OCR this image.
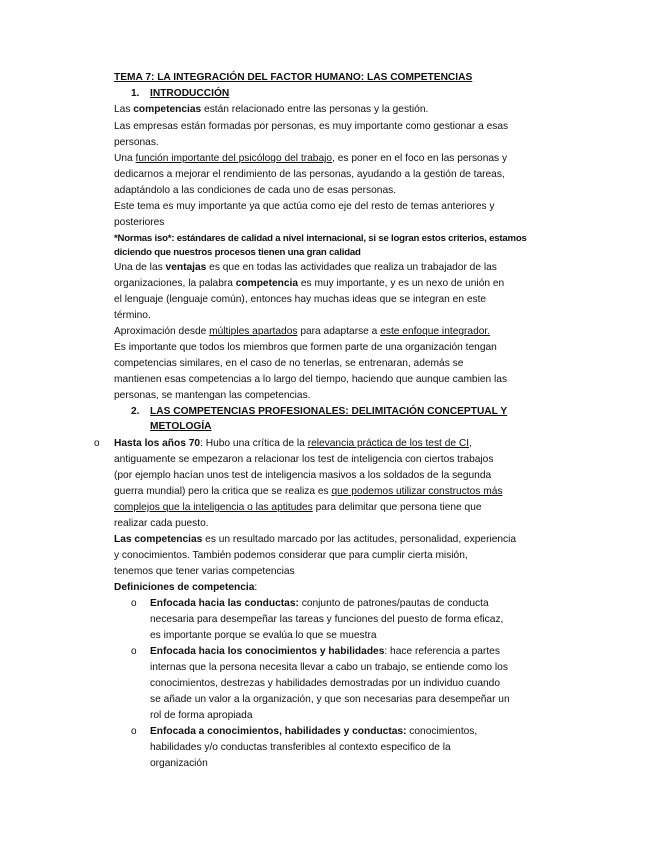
TEMA 7: LA INTEGRACIÓN DEL FACTOR HUMANO: LAS COMPETENCIAS
1. INTRODUCCIÓN
Las competencias están relacionado entre las personas y la gestión.
Las empresas están formadas por personas, es muy importante como gestionar a esas
personas.
Una función importante del psicólogo del trabajo, es poner en el foco en las personas y
dedicarnos a mejorar el rendimiento de las personas, ayudando a la gestión de tareas,
adaptándolo a las condiciones de cada uno de esas personas.
Este tema es muy importante ya que actúa como eje del resto de temas anteriores y
posteriores
*Normas iso*: estándares de calidad a nivel internacional, si se logran estos criterios, estamos
diciendo que nuestros procesos tienen una gran calidad
Una de las ventajas es que en todas las actividades que realiza un trabajador de las
organizaciones, la palabra competencia es muy importante, y es un nexo de unión en
el lenguaje (lenguaje común), entonces hay muchas ideas que se integran en este
término.
Aproximación desde múltiples apartados para adaptarse a este enfoque integrador.
Es importante que todos los miembros que formen parte de una organización tengan
competencias similares, en el caso de no tenerlas, se entrenaran, además se
mantienen esas competencias a lo largo del tiempo, haciendo que aunque cambien las
personas, se mantengan las competencias.
2. LAS COMPETENCIAS PROFESIONALES: DELIMITACIÓN CONCEPTUAL Y
METOLOGÍA
o Hasta los años 70: Hubo una crítica de la relevancia práctica de los test de CI,
antiguamente se empezaron a relacionar los test de inteligencia con ciertos trabajos
(por ejemplo hacían unos test de inteligencia masivos a los soldados de la segunda
guerra mundial) pero la critica que se realiza es que podemos utilizar constructos más
complejos que la inteligencia o las aptitudes para delimitar que persona tiene que
realizar cada puesto.
Las competencias es un resultado marcado por las actitudes, personalidad, experiencia
y conocimientos. También podemos considerar que para cumplir cierta misión,
tenemos que tener varias competencias
Definiciones de competencia:
o Enfocada hacia las conductas: conjunto de patrones/pautas de conducta
necesaria para desempeñar las tareas y funciones del puesto de forma eficaz,
es importante porque se evalúa lo que se muestra
o Enfocada hacia los conocimientos y habilidades: hace referencia a partes
internas que la persona necesita llevar a cabo un trabajo, se entiende como los
conocimientos, destrezas y habilidades demostradas por un individuo cuando
se añade un valor a la organización, y que son necesarias para desempeñar un
rol de forma apropiada
o Enfocada a conocimientos, habilidades y conductas: conocimientos,
habilidades y/o conductas transferibles al contexto especifico de la
organización
